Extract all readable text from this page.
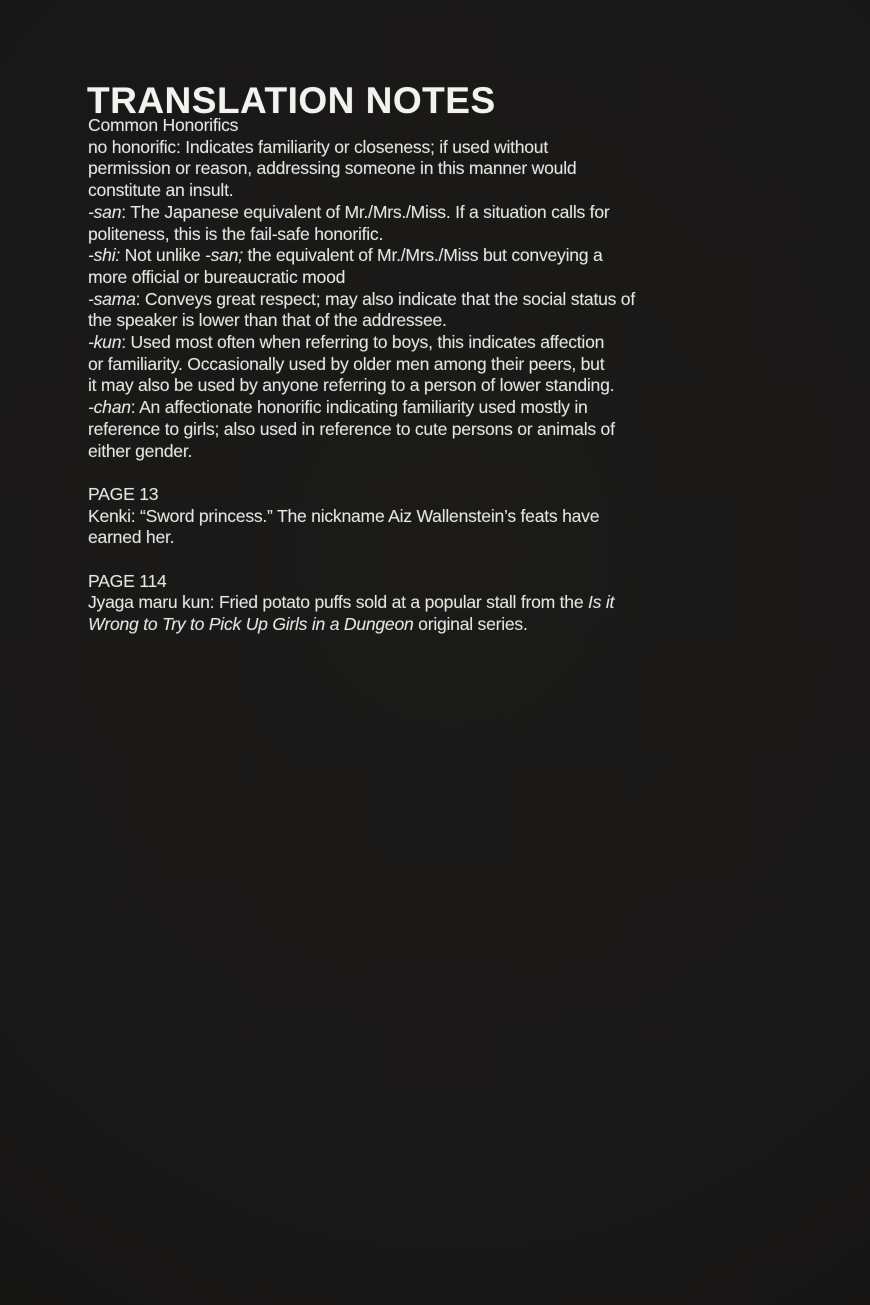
TRANSLATION NOTES
Common Honorifics
no honorific: Indicates familiarity or closeness; if used without
permission or reason, addressing someone in this manner would
constitute an insult.
-san: The Japanese equivalent of Mr./Mrs./Miss. If a situation calls for
politeness, this is the fail-safe honorific.
-shi: Not unlike -san; the equivalent of Mr./Mrs./Miss but conveying a
more official or bureaucratic mood
-sama: Conveys great respect; may also indicate that the social status of
the speaker is lower than that of the addressee.
-kun: Used most often when referring to boys, this indicates affection
or familiarity. Occasionally used by older men among their peers, but
it may also be used by anyone referring to a person of lower standing.
-chan: An affectionate honorific indicating familiarity used mostly in
reference to girls; also used in reference to cute persons or animals of
either gender.
PAGE 13
Kenki: “Sword princess.” The nickname Aiz Wallenstein’s feats have
earned her.
PAGE 114
Jyaga maru kun: Fried potato puffs sold at a popular stall from the Is it
Wrong to Try to Pick Up Girls in a Dungeon original series.
